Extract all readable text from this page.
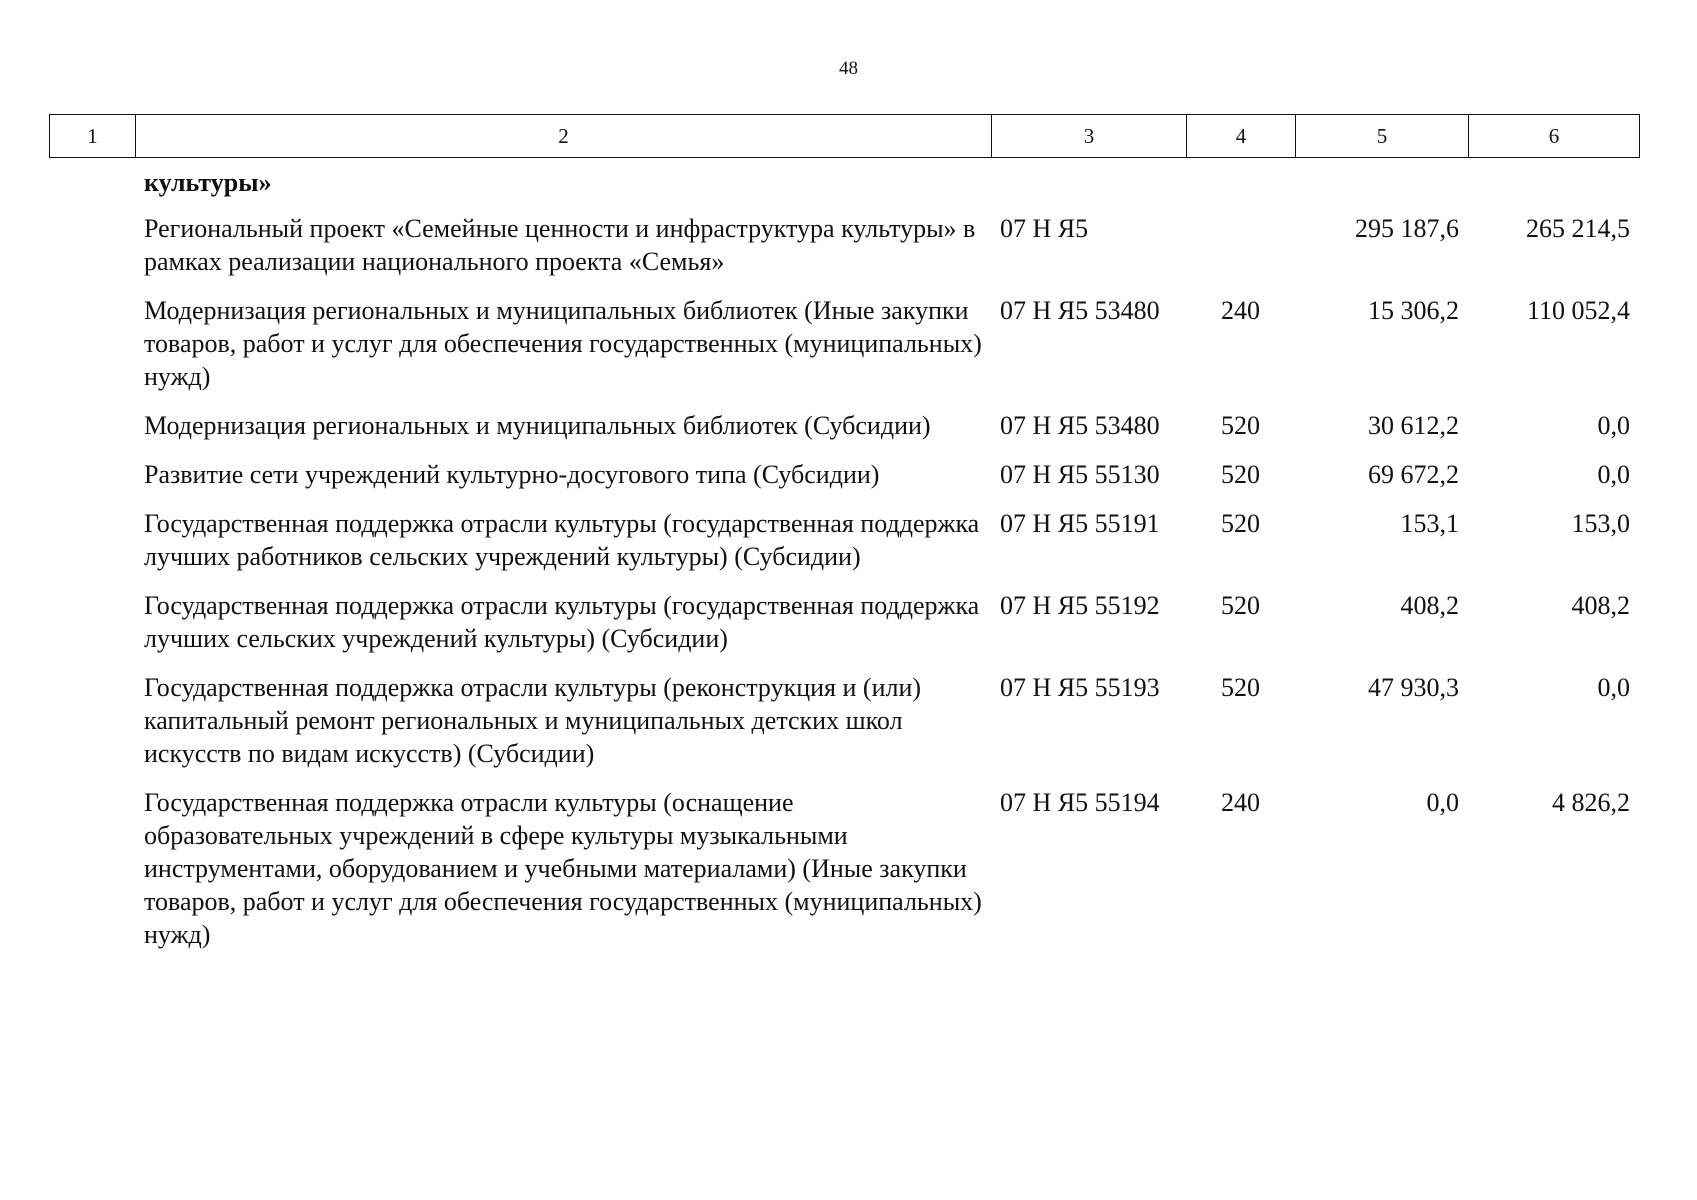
48
1	2	3	4	5	6
культуры»				
Региональный проект «Семейные ценности и инфраструктура культуры» в рамках реализации национального проекта «Семья»	07 Н Я5		295 187,6	265 214,5
Модернизация региональных и муниципальных библиотек (Иные закупки товаров, работ и услуг для обеспечения государственных (муниципальных) нужд)	07 Н Я5 53480	240	15 306,2	110 052,4
Модернизация региональных и муниципальных библиотек (Субсидии)	07 Н Я5 53480	520	30 612,2	0,0
Развитие сети учреждений культурно-досугового типа (Субсидии)	07 Н Я5 55130	520	69 672,2	0,0
Государственная поддержка отрасли культуры (государственная поддержка лучших работников сельских учреждений культуры) (Субсидии)	07 Н Я5 55191	520	153,1	153,0
Государственная поддержка отрасли культуры (государственная поддержка лучших сельских учреждений культуры) (Субсидии)	07 Н Я5 55192	520	408,2	408,2
Государственная поддержка отрасли культуры (реконструкция и (или) капитальный ремонт региональных и муниципальных детских школ искусств по видам искусств) (Субсидии)	07 Н Я5 55193	520	47 930,3	0,0
Государственная поддержка отрасли культуры (оснащение образовательных учреждений в сфере культуры музыкальными инструментами, оборудованием и учебными материалами) (Иные закупки товаров, работ и услуг для обеспечения государственных (муниципальных) нужд)	07 Н Я5 55194	240	0,0	4 826,2
